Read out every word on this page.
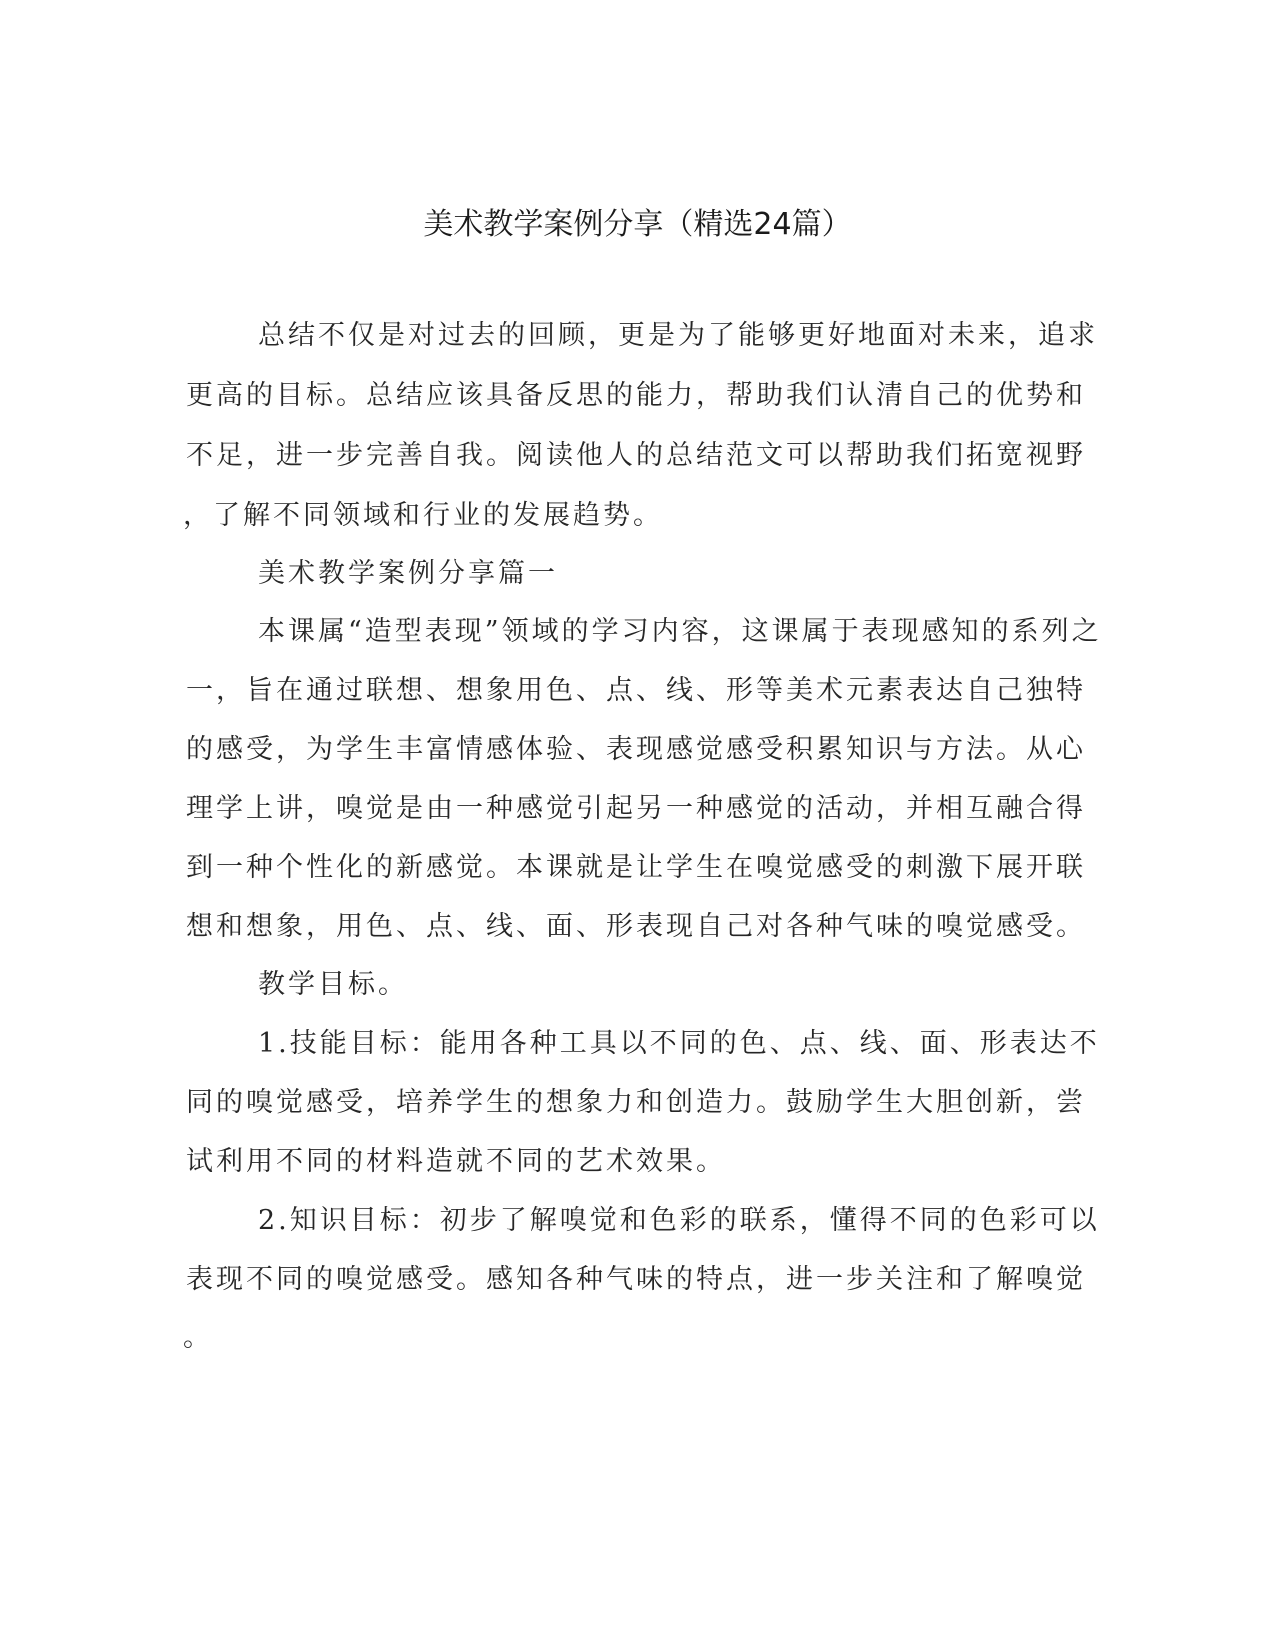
美术教学案例分享（精选24篇）
总结不仅是对过去的回顾，更是为了能够更好地面对未来，追求
更高的目标。总结应该具备反思的能力，帮助我们认清自己的优势和
不足，进一步完善自我。阅读他人的总结范文可以帮助我们拓宽视野
，了解不同领域和行业的发展趋势。
美术教学案例分享篇一
本课属“造型表现”领域的学习内容，这课属于表现感知的系列之
一，旨在通过联想、想象用色、点、线、形等美术元素表达自己独特
的感受，为学生丰富情感体验、表现感觉感受积累知识与方法。从心
理学上讲，嗅觉是由一种感觉引起另一种感觉的活动，并相互融合得
到一种个性化的新感觉。本课就是让学生在嗅觉感受的刺激下展开联
想和想象，用色、点、线、面、形表现自己对各种气味的嗅觉感受。
教学目标。
1.技能目标：能用各种工具以不同的色、点、线、面、形表达不
同的嗅觉感受，培养学生的想象力和创造力。鼓励学生大胆创新，尝
试利用不同的材料造就不同的艺术效果。
2.知识目标：初步了解嗅觉和色彩的联系，懂得不同的色彩可以
表现不同的嗅觉感受。感知各种气味的特点，进一步关注和了解嗅觉
。
